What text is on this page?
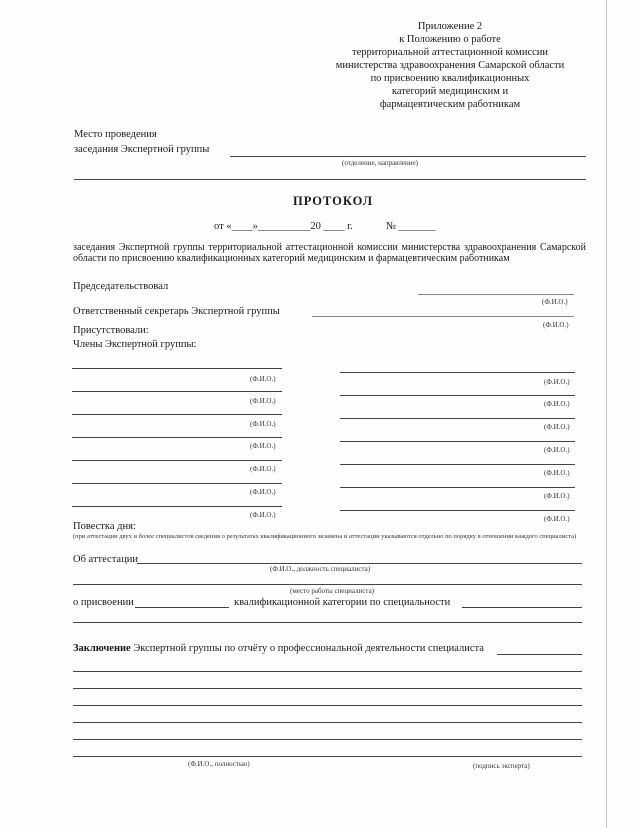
Приложение 2
к Положению о работе
территориальной аттестационной комиссии
министерства здравоохранения Самарской области
по присвоению квалификационных
категорий медицинским и
фармацевтическим работникам
Место проведения
заседания Экспертной группы
(отделение, направление)
ПРОТОКОЛ
от «____»__________20 ____ г.	№ _______
заседания Экспертной группы территориальной аттестационной комиссии министерства здравоохранения Самарской области по присвоению квалификационных категорий медицинским и фармацевтическим работникам
Председательствовал
(Ф.И.О.)
Ответственный секретарь Экспертной группы
(Ф.И.О.)
Присутствовали:
Члены Экспертной группы:
(Ф.И.О.)
(Ф.И.О.)
(Ф.И.О.)
(Ф.И.О.)
(Ф.И.О.)
(Ф.И.О.)
(Ф.И.О.)
(Ф.И.О.)
(Ф.И.О.)
(Ф.И.О.)
(Ф.И.О.)
(Ф.И.О.)
(Ф.И.О.)
(Ф.И.О.)
Повестка дня:
(при аттестации двух и более специалистов сведения о результатах квалификационного экзамена и аттестации указываются отдельно по порядку в отношении каждого специалиста)
Об аттестации
(Ф.И.О., должность специалиста)
(место работы специалиста)
о присвоении	квалификационной категории по специальности
Заключение Экспертной группы по отчёту о профессиональной деятельности специалиста
(Ф.И.О., полностью)	(подпись эксперта)
